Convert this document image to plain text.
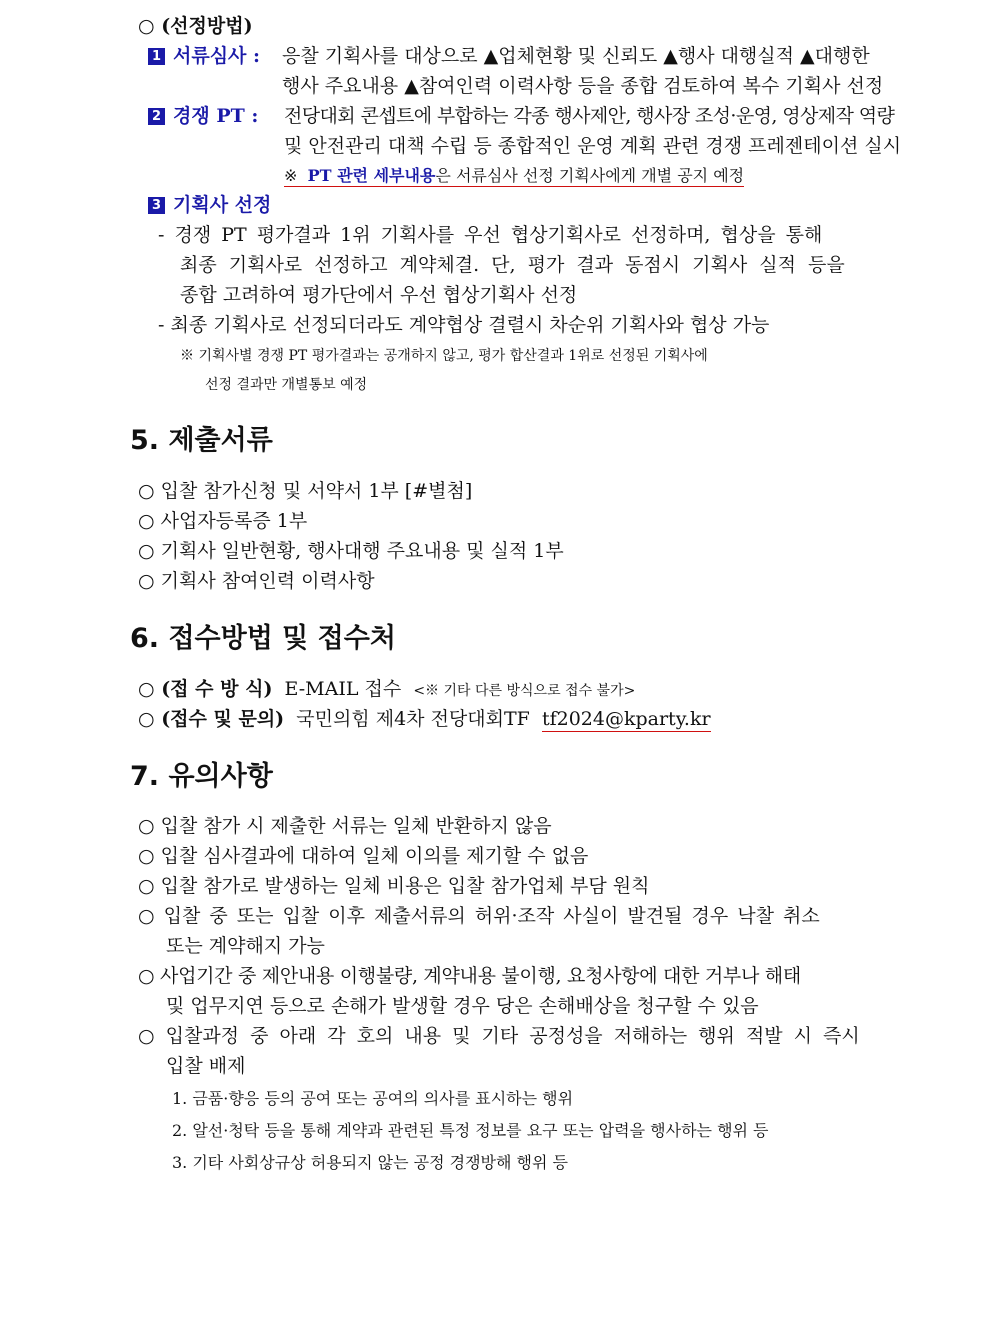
○ (선정방법)
1 서류심사 : 응찰 기획사를 대상으로 ▲업체현황 및 신뢰도 ▲행사 대행실적 ▲대행한
행사 주요내용 ▲참여인력 이력사항 등을 종합 검토하여 복수 기획사 선정
2 경쟁 PT : 전당대회 콘셉트에 부합하는 각종 행사제안, 행사장 조성·운영, 영상제작 역량
및 안전관리 대책 수립 등 종합적인 운영 계획 관련 경쟁 프레젠테이션 실시
※ PT 관련 세부내용은 서류심사 선정 기획사에게 개별 공지 예정
3 기획사 선정
- 경쟁 PT 평가결과 1위 기획사를 우선 협상기획사로 선정하며, 협상을 통해
최종 기획사로 선정하고 계약체결. 단, 평가 결과 동점시 기획사 실적 등을
종합 고려하여 평가단에서 우선 협상기획사 선정
- 최종 기획사로 선정되더라도 계약협상 결렬시 차순위 기획사와 협상 가능
※ 기획사별 경쟁 PT 평가결과는 공개하지 않고, 평가 합산결과 1위로 선정된 기획사에
선정 결과만 개별통보 예정
5. 제출서류
○ 입찰 참가신청 및 서약서 1부 [#별첨]
○ 사업자등록증 1부
○ 기획사 일반현황, 행사대행 주요내용 및 실적 1부
○ 기획사 참여인력 이력사항
6. 접수방법 및 접수처
○ (접 수 방 식) E-MAIL 접수 <※ 기타 다른 방식으로 접수 불가>
○ (접수 및 문의) 국민의힘 제4차 전당대회TF tf2024@kparty.kr
7. 유의사항
○ 입찰 참가 시 제출한 서류는 일체 반환하지 않음
○ 입찰 심사결과에 대하여 일체 이의를 제기할 수 없음
○ 입찰 참가로 발생하는 일체 비용은 입찰 참가업체 부담 원칙
○ 입찰 중 또는 입찰 이후 제출서류의 허위·조작 사실이 발견될 경우 낙찰 취소
또는 계약해지 가능
○ 사업기간 중 제안내용 이행불량, 계약내용 불이행, 요청사항에 대한 거부나 해태
및 업무지연 등으로 손해가 발생할 경우 당은 손해배상을 청구할 수 있음
○ 입찰과정 중 아래 각 호의 내용 및 기타 공정성을 저해하는 행위 적발 시 즉시
입찰 배제
1. 금품·향응 등의 공여 또는 공여의 의사를 표시하는 행위
2. 알선·청탁 등을 통해 계약과 관련된 특정 정보를 요구 또는 압력을 행사하는 행위 등
3. 기타 사회상규상 허용되지 않는 공정 경쟁방해 행위 등
